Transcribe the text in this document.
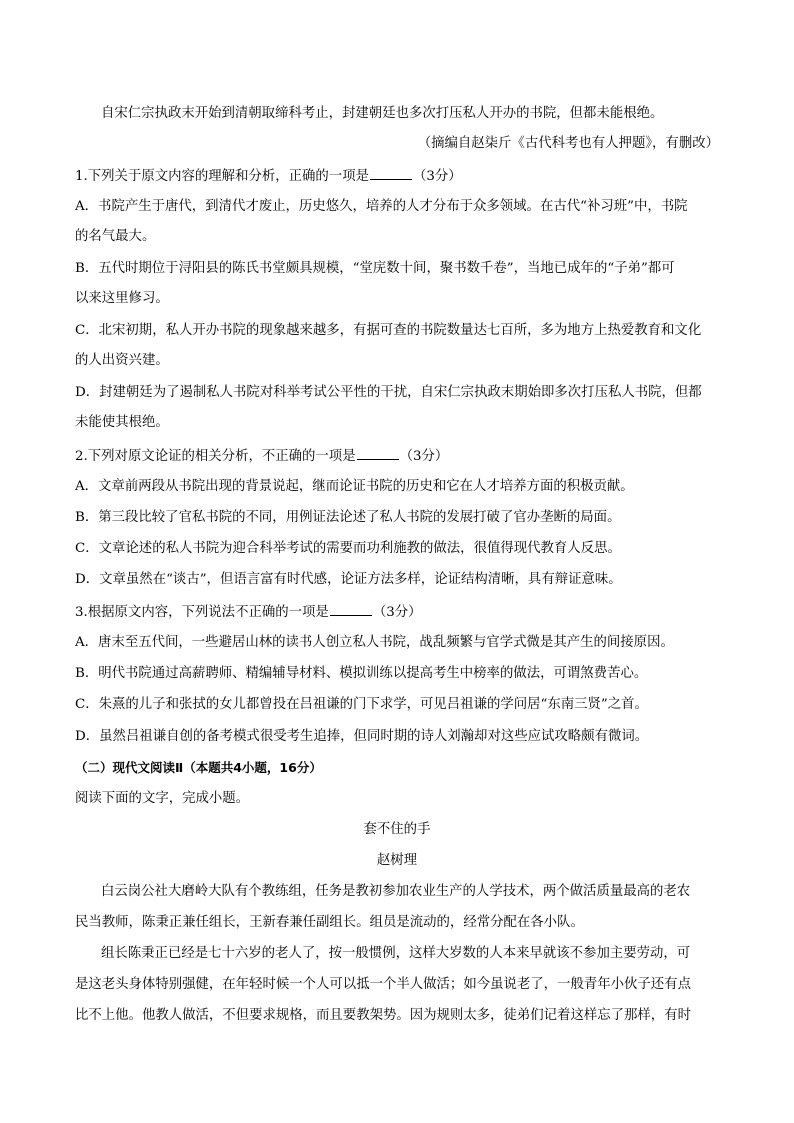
自宋仁宗执政末开始到清朝取缔科考止，封建朝廷也多次打压私人开办的书院，但都未能根绝。
（摘编自赵柒斤《古代科考也有人押题》，有删改）
1.下列关于原文内容的理解和分析，正确的一项是	（3分）
A．书院产生于唐代，到清代才废止，历史悠久，培养的人才分布于众多领域。在古代“补习班”中，书院
的名气最大。
B．五代时期位于浔阳县的陈氏书堂颇具规模，“堂庑数十间，聚书数千卷”，当地已成年的“子弟”都可
以来这里修习。
C．北宋初期，私人开办书院的现象越来越多，有据可查的书院数量达七百所，多为地方上热爱教育和文化
的人出资兴建。
D．封建朝廷为了遏制私人书院对科举考试公平性的干扰，自宋仁宗执政末期始即多次打压私人书院，但都
未能使其根绝。
2.下列对原文论证的相关分析，不正确的一项是	（3分）
A．文章前两段从书院出现的背景说起，继而论证书院的历史和它在人才培养方面的积极贡献。
B．第三段比较了官私书院的不同，用例证法论述了私人书院的发展打破了官办垄断的局面。
C．文章论述的私人书院为迎合科举考试的需要而功利施教的做法，很值得现代教育人反思。
D．文章虽然在“谈古”，但语言富有时代感，论证方法多样，论证结构清晰，具有辩证意味。
3.根据原文内容，下列说法不正确的一项是	（3分）
A．唐末至五代间，一些避居山林的读书人创立私人书院，战乱频繁与官学式微是其产生的间接原因。
B．明代书院通过高薪聘师、精编辅导材料、模拟训练以提高考生中榜率的做法，可谓煞费苦心。
C．朱熹的儿子和张拭的女儿都曾投在吕祖谦的门下求学，可见吕祖谦的学问居“东南三贤”之首。
D．虽然吕祖谦自创的备考模式很受考生追捧，但同时期的诗人刘瀚却对这些应试攻略颇有微词。
（二）现代文阅读Ⅱ（本题共4小题，16分）
阅读下面的文字，完成小题。
套不住的手
赵树理
白云岗公社大磨岭大队有个教练组，任务是教初参加农业生产的人学技术，两个做活质量最高的老农
民当教师，陈秉正兼任组长，王新春兼任副组长。组员是流动的，经常分配在各小队。
组长陈秉正已经是七十六岁的老人了，按一般惯例，这样大岁数的人本来早就该不参加主要劳动，可
是这老头身体特别强健，在年轻时候一个人可以抵一个半人做活；如今虽说老了，一般青年小伙子还有点
比不上他。他教人做活，不但要求规格，而且要教架势。因为规则太多，徒弟们记着这样忘了那样，有时
